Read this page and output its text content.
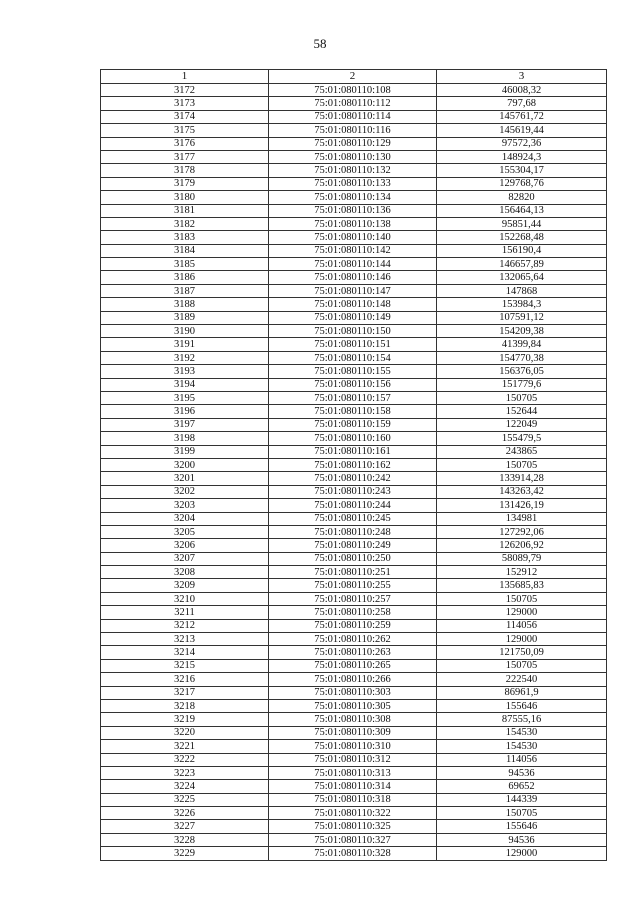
58
1	2	3
3172	75:01:080110:108	46008,32
3173	75:01:080110:112	797,68
3174	75:01:080110:114	145761,72
3175	75:01:080110:116	145619,44
3176	75:01:080110:129	97572,36
3177	75:01:080110:130	148924,3
3178	75:01:080110:132	155304,17
3179	75:01:080110:133	129768,76
3180	75:01:080110:134	82820
3181	75:01:080110:136	156464,13
3182	75:01:080110:138	95851,44
3183	75:01:080110:140	152268,48
3184	75:01:080110:142	156190,4
3185	75:01:080110:144	146657,89
3186	75:01:080110:146	132065,64
3187	75:01:080110:147	147868
3188	75:01:080110:148	153984,3
3189	75:01:080110:149	107591,12
3190	75:01:080110:150	154209,38
3191	75:01:080110:151	41399,84
3192	75:01:080110:154	154770,38
3193	75:01:080110:155	156376,05
3194	75:01:080110:156	151779,6
3195	75:01:080110:157	150705
3196	75:01:080110:158	152644
3197	75:01:080110:159	122049
3198	75:01:080110:160	155479,5
3199	75:01:080110:161	243865
3200	75:01:080110:162	150705
3201	75:01:080110:242	133914,28
3202	75:01:080110:243	143263,42
3203	75:01:080110:244	131426,19
3204	75:01:080110:245	134981
3205	75:01:080110:248	127292,06
3206	75:01:080110:249	126206,92
3207	75:01:080110:250	58089,79
3208	75:01:080110:251	152912
3209	75:01:080110:255	135685,83
3210	75:01:080110:257	150705
3211	75:01:080110:258	129000
3212	75:01:080110:259	114056
3213	75:01:080110:262	129000
3214	75:01:080110:263	121750,09
3215	75:01:080110:265	150705
3216	75:01:080110:266	222540
3217	75:01:080110:303	86961,9
3218	75:01:080110:305	155646
3219	75:01:080110:308	87555,16
3220	75:01:080110:309	154530
3221	75:01:080110:310	154530
3222	75:01:080110:312	114056
3223	75:01:080110:313	94536
3224	75:01:080110:314	69652
3225	75:01:080110:318	144339
3226	75:01:080110:322	150705
3227	75:01:080110:325	155646
3228	75:01:080110:327	94536
3229	75:01:080110:328	129000
